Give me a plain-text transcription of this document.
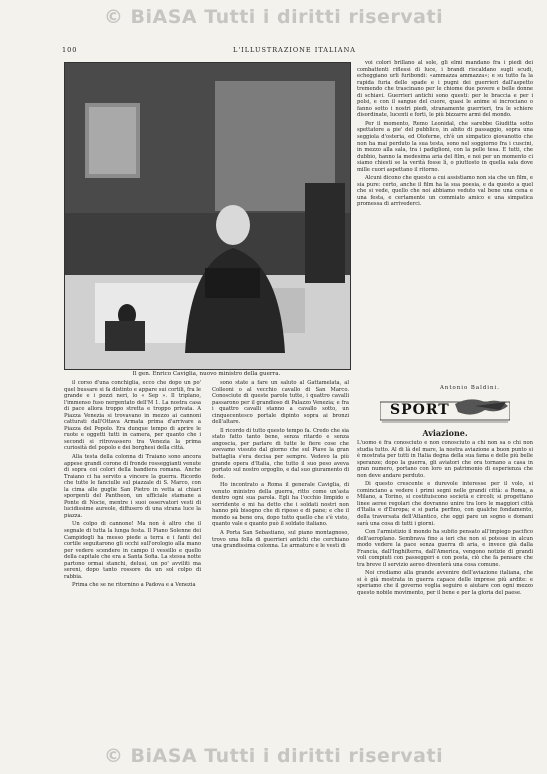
© BiASA Tutti i diritti riservati
100	L'ILLUSTRAZIONE ITALIANA
Il gen. Enrico Caviglia, nuovo ministro della guerra.

il corso d'una conchiglia, ecco che dopo un po' quel bussare si fa distinto e appare sui cortili, fra le grande e i pozzi neri, lo « Sep ». Il triplano, l'immenso fuso nergentato dell'M 1. La nostra casa di pace allora troppo stretta e troppo privata. A Piazza Venezia si trovavano in mezzo ai cannoni catturati dall'Ottava Armata prima d'arrivare a Piazza del Popolo. Era dunque tempo di aprire le ruote e oggetti tutti in camera, per quanto che i secondi si ritrovassero tra Venezia la prima curiosità del popolo e dei borghesi della città.

Alla testa della colonna di Traiano sono ancora appese grandi corone di fronde rosseggianti venute di sopra coi colori della bandiera romana. Anche Traiano ci ha servito a vincere la guerra. Ricordo che tutte le fanciulle sul piazzale di S. Marco, con la cima alle guglie San Pietro in vetta ai chiari sporgenti del Pantheon, un ufficiale stamane a Ponte di Nocie, mentre i suoi osservatori vesti di lucidissime aureole, diffusero di una strana luce la piazza.

Un colpo di cannone! Ma non è altro che il segnale di tutta la lunga festa. Il Piano Solenne dei Campidogli ha messo piede a terra e i fanti del cortile seguitarono gli occhi sull'orologio alla mano per vedere scendere in campo il vessillo e quello della capitale che era a Santa Sofia. La stessa notte partono ormai stanchi, delusi, un po' avviliti ma sereni, dopo tanto rossore da un sol colpo di rabbia.

Prima che se ne ritornino a Padova e a Venezia

sono state a fare un saluto al Gattamelata, al Colleoni o al vecchio cavallo di San Marco. Conosciute di queste parole tutte, i quattro cavalli passarono per il grandioso di Palazzo Venezia; e fra i quattro cavalli stanno a cavallo sotto, un cinquecentesco portale dipinto sopra ai bronzi dell'altare.

Il ricordo di tutto questo tempo fa. Credo che sia stato fatto tanto bene, senza ritardo e senza angoscia, per parlare di tutte le fiere cose che avevamo vissuto dal giorno che sul Piave la gran battaglia s'era decisa per sempre. Vedevo la più grande opera d'Italia, che tutto il suo peso aveva portato sul nostro orgoglio, e dal suo giuramento di fede.

Ho incontrato a Roma il generale Caviglia, di venuto ministro della guerra, ritto come un'asta dentro ogni sua parola. Egli ha l'occhio limpido e sorridente e mi ha detto che i soldati nostri non hanno più bisogno che di riposo e di pane; e che il mondo sa bene ora, dopo tutto quello che s'è visto, quanto vale e quanto può il soldato italiano.

A Porta San Sebastiano, sul piano montagnoso, trovo una folla di guerrieri antichi che cerchiano una grandissima colonna. Le armature e le vesti di

voi colori brillano al sole, gli elmi mandano fra i piedi dei combattenti riflessi di luce, i brandi riscaldano sugli scudi, echeggiano urli furibondi: «ammazza ammazza»; e su tutto fa la rapida furia delle spade e i pugni dei guerrieri dall'aspetto tremendo che trascinano per le chiome due povere e belle donne di schiavi. Guerrieri antichi sono questi: per le braccia e per i polsi, e con il sangue del cuore, quasi le anime si incrociano o fanno sotto i nostri piedi, stranamente guerrieri, tra le schiere disordinate, lucenti e forti, le più bizzarre armi del mondo.

Per il momento, Remo Leonidal, che sarebbe Giuditta sotto spettatore a pie' del pubblico, in abito di passaggio, sopra una seggiola d'osteria, ed Oloferne, ch'è un simpatico giovanotto che non ha mai perduto la sua testa, sono nel soggiorno fra i cuscini, in mezzo alla sala, tra i padiglioni, con la pelle tesa. E tutti, che dubbio, hanno la medesima aria del film, e noi per un momento ci siamo chiesti se la verità fosse lì, o piuttosto in quella sala dove mille cuori aspettano il ritorno.

Alcuni dicono che questo a cui assistiamo non sia che un film, e sia pure: certo, anche il film ha la sua poesia, e da questo a quel che si vede, quello che noi abbiamo veduto val bene una cena e una festa, e certamente un commiato amico e una simpatica promessa di arrivederci.

Antonio Baldini.
SPORT
Aviazione.

L'uomo è fra conosciuto e non conosciuto a chi non sa o chi non studia tutto. Al di là del mare, la nostra aviazione a buon punto si è mostrata per tutti in Italia degna della sua fama e delle più belle speranze; dopo la guerra, gli aviatori che ora tornano a casa in gran numero, portano con loro un patrimonio di esperienza che non deve andare perduto.

Di questo crescente e durevole interesse per il volo, si cominciano a vedere i primi segni nelle grandi città: a Roma, a Milano, a Torino, si costituiscono società e circoli; si progettano linee aeree regolari che dovranno unire tra loro le maggiori città d'Italia e d'Europa; e si parla perfino, con qualche fondamento, della traversata dell'Atlantico, che oggi pare un sogno e domani sarà una cosa di tutti i giorni.

Con l'armistizio il mondo ha subito pensato all'impiego pacifico dell'aeroplano. Sembrava fino a ieri che non si potesse in alcun modo vedere la pace senza guerra di aria, e invece già dalla Francia, dall'Inghilterra, dall'America, vengono notizie di grandi voli compiuti con passeggeri e con posta, ciò che fa pensare che tra breve il servizio aereo diventerà una cosa comune.

Noi crediamo alla grande avvenire dell'aviazione italiana, che si è già mostrata in guerra capace delle imprese più ardite: e speriamo che il governo voglia seguire e aiutare con ogni mezzo questo nobile movimento, per il bene e per la gloria del paese.

© BiASA Tutti i diritti riservati
